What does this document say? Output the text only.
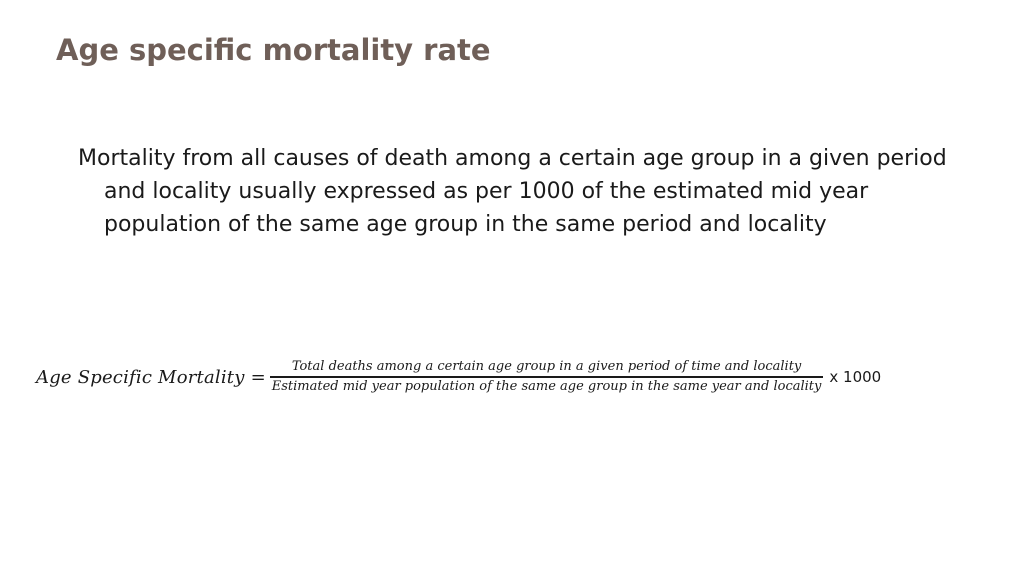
Age specific mortality rate

Mortality from all causes of death among a certain age group in a given period and locality usually expressed as per 1000 of the estimated mid year population of the same age group in the same period and locality

Age Specific Mortality = Total deaths among a certain age group in a given period of time and locality
Estimated mid year population of the same age group in the same year and locality
x 1000
